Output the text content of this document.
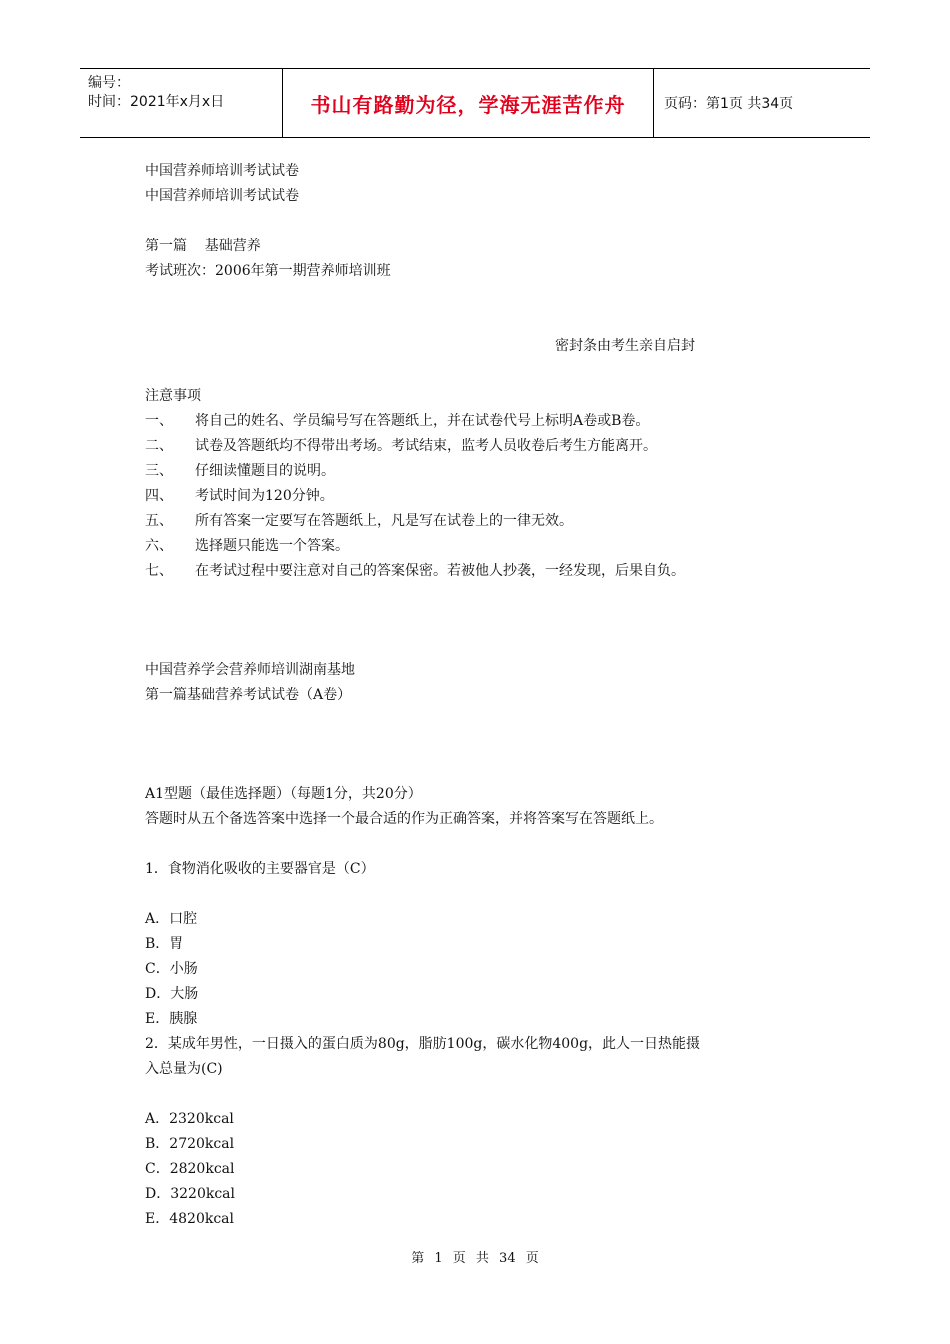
编号：
时间：2021年x月x日	书山有路勤为径，学海无涯苦作舟	页码：第1页 共34页
中国营养师培训考试试卷
中国营养师培训考试试卷
第一篇    基础营养
考试班次：2006年第一期营养师培训班
密封条由考生亲自启封
注意事项
一、 将自己的姓名、学员编号写在答题纸上，并在试卷代号上标明A卷或B卷。
二、 试卷及答题纸均不得带出考场。考试结束，监考人员收卷后考生方能离开。
三、 仔细读懂题目的说明。
四、 考试时间为120分钟。
五、 所有答案一定要写在答题纸上，凡是写在试卷上的一律无效。
六、 选择题只能选一个答案。
七、 在考试过程中要注意对自己的答案保密。若被他人抄袭，一经发现，后果自负。
中国营养学会营养师培训湖南基地
第一篇基础营养考试试卷（A卷）
A1型题（最佳选择题）（每题1分，共20分）
答题时从五个备选答案中选择一个最合适的作为正确答案，并将答案写在答题纸上。
1．食物消化吸收的主要器官是（C）
A．口腔
B．胃
C．小肠
D．大肠
E．胰腺
2．某成年男性，一日摄入的蛋白质为80g，脂肪100g，碳水化物400g，此人一日热能摄
入总量为(C)
A．2320kcal
B．2720kcal
C．2820kcal
D．3220kcal
E．4820kcal
第 1 页 共 34 页
